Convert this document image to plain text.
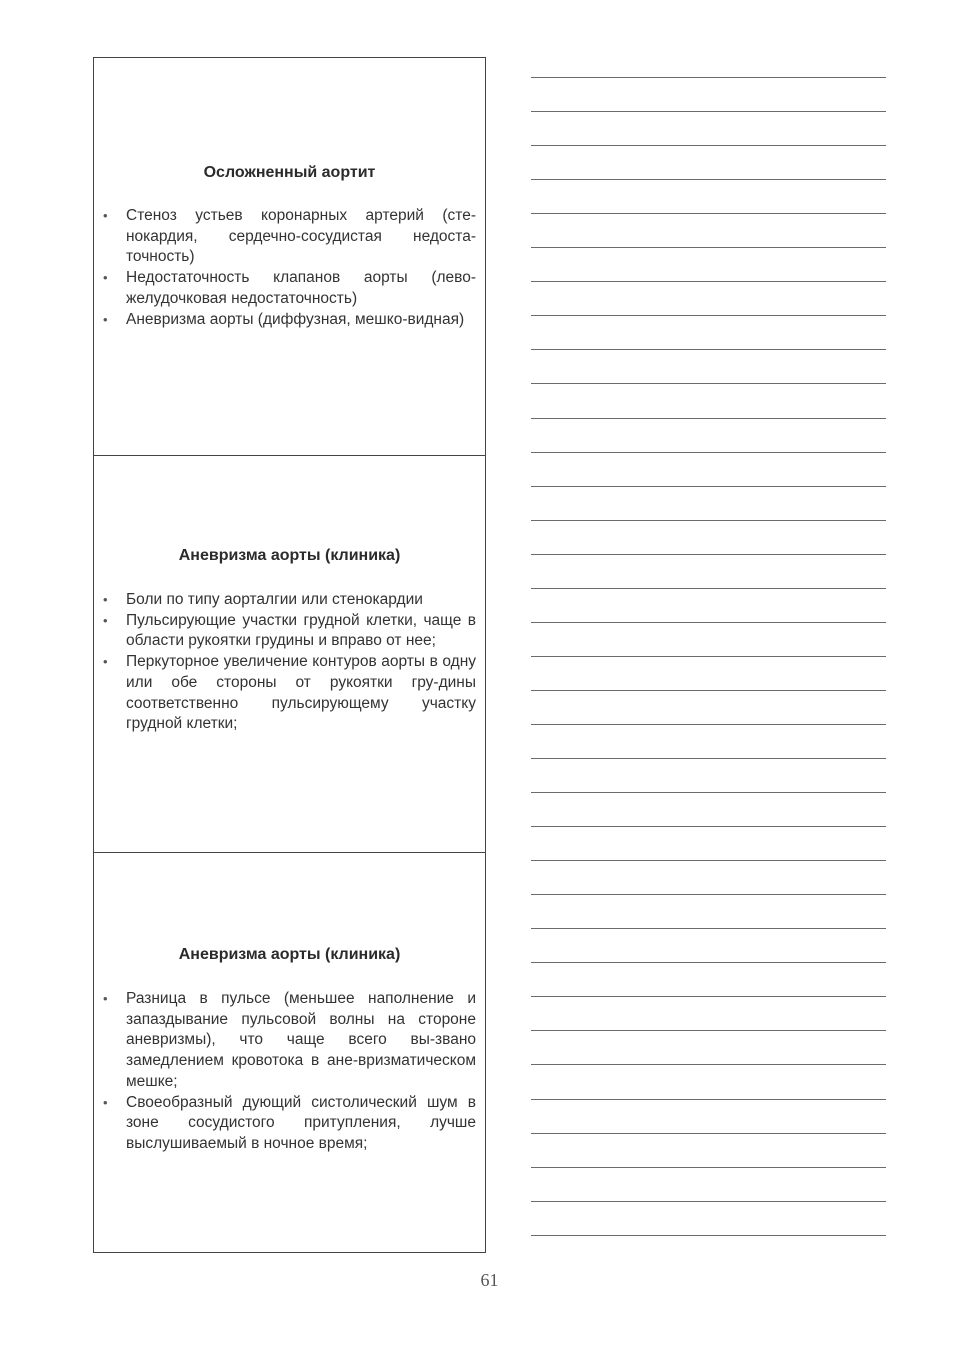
Осложненный аортит
• Стеноз устьев коронарных артерий (сте-нокардия, сердечно-сосудистая недоста-точность)
• Недостаточность клапанов аорты (лево-желудочковая недостаточность)
• Аневризма аорты (диффузная, мешко-видная)
Аневризма аорты (клиника)
• Боли по типу аорталгии или стенокардии
• Пульсирующие участки грудной клетки, чаще в области рукоятки грудины и вправо от нее;
• Перкуторное увеличение контуров аорты в одну или обе стороны от рукоятки гру-дины соответственно пульсирующему участку грудной клетки;
Аневризма аорты (клиника)
• Разница в пульсе (меньшее наполнение и запаздывание пульсовой волны на стороне аневризмы), что чаще всего вы-звано замедлением кровотока в ане-вризматическом мешке;
• Своеобразный дующий систолический шум в зоне сосудистого притупления, лучше выслушиваемый в ночное время;
61
